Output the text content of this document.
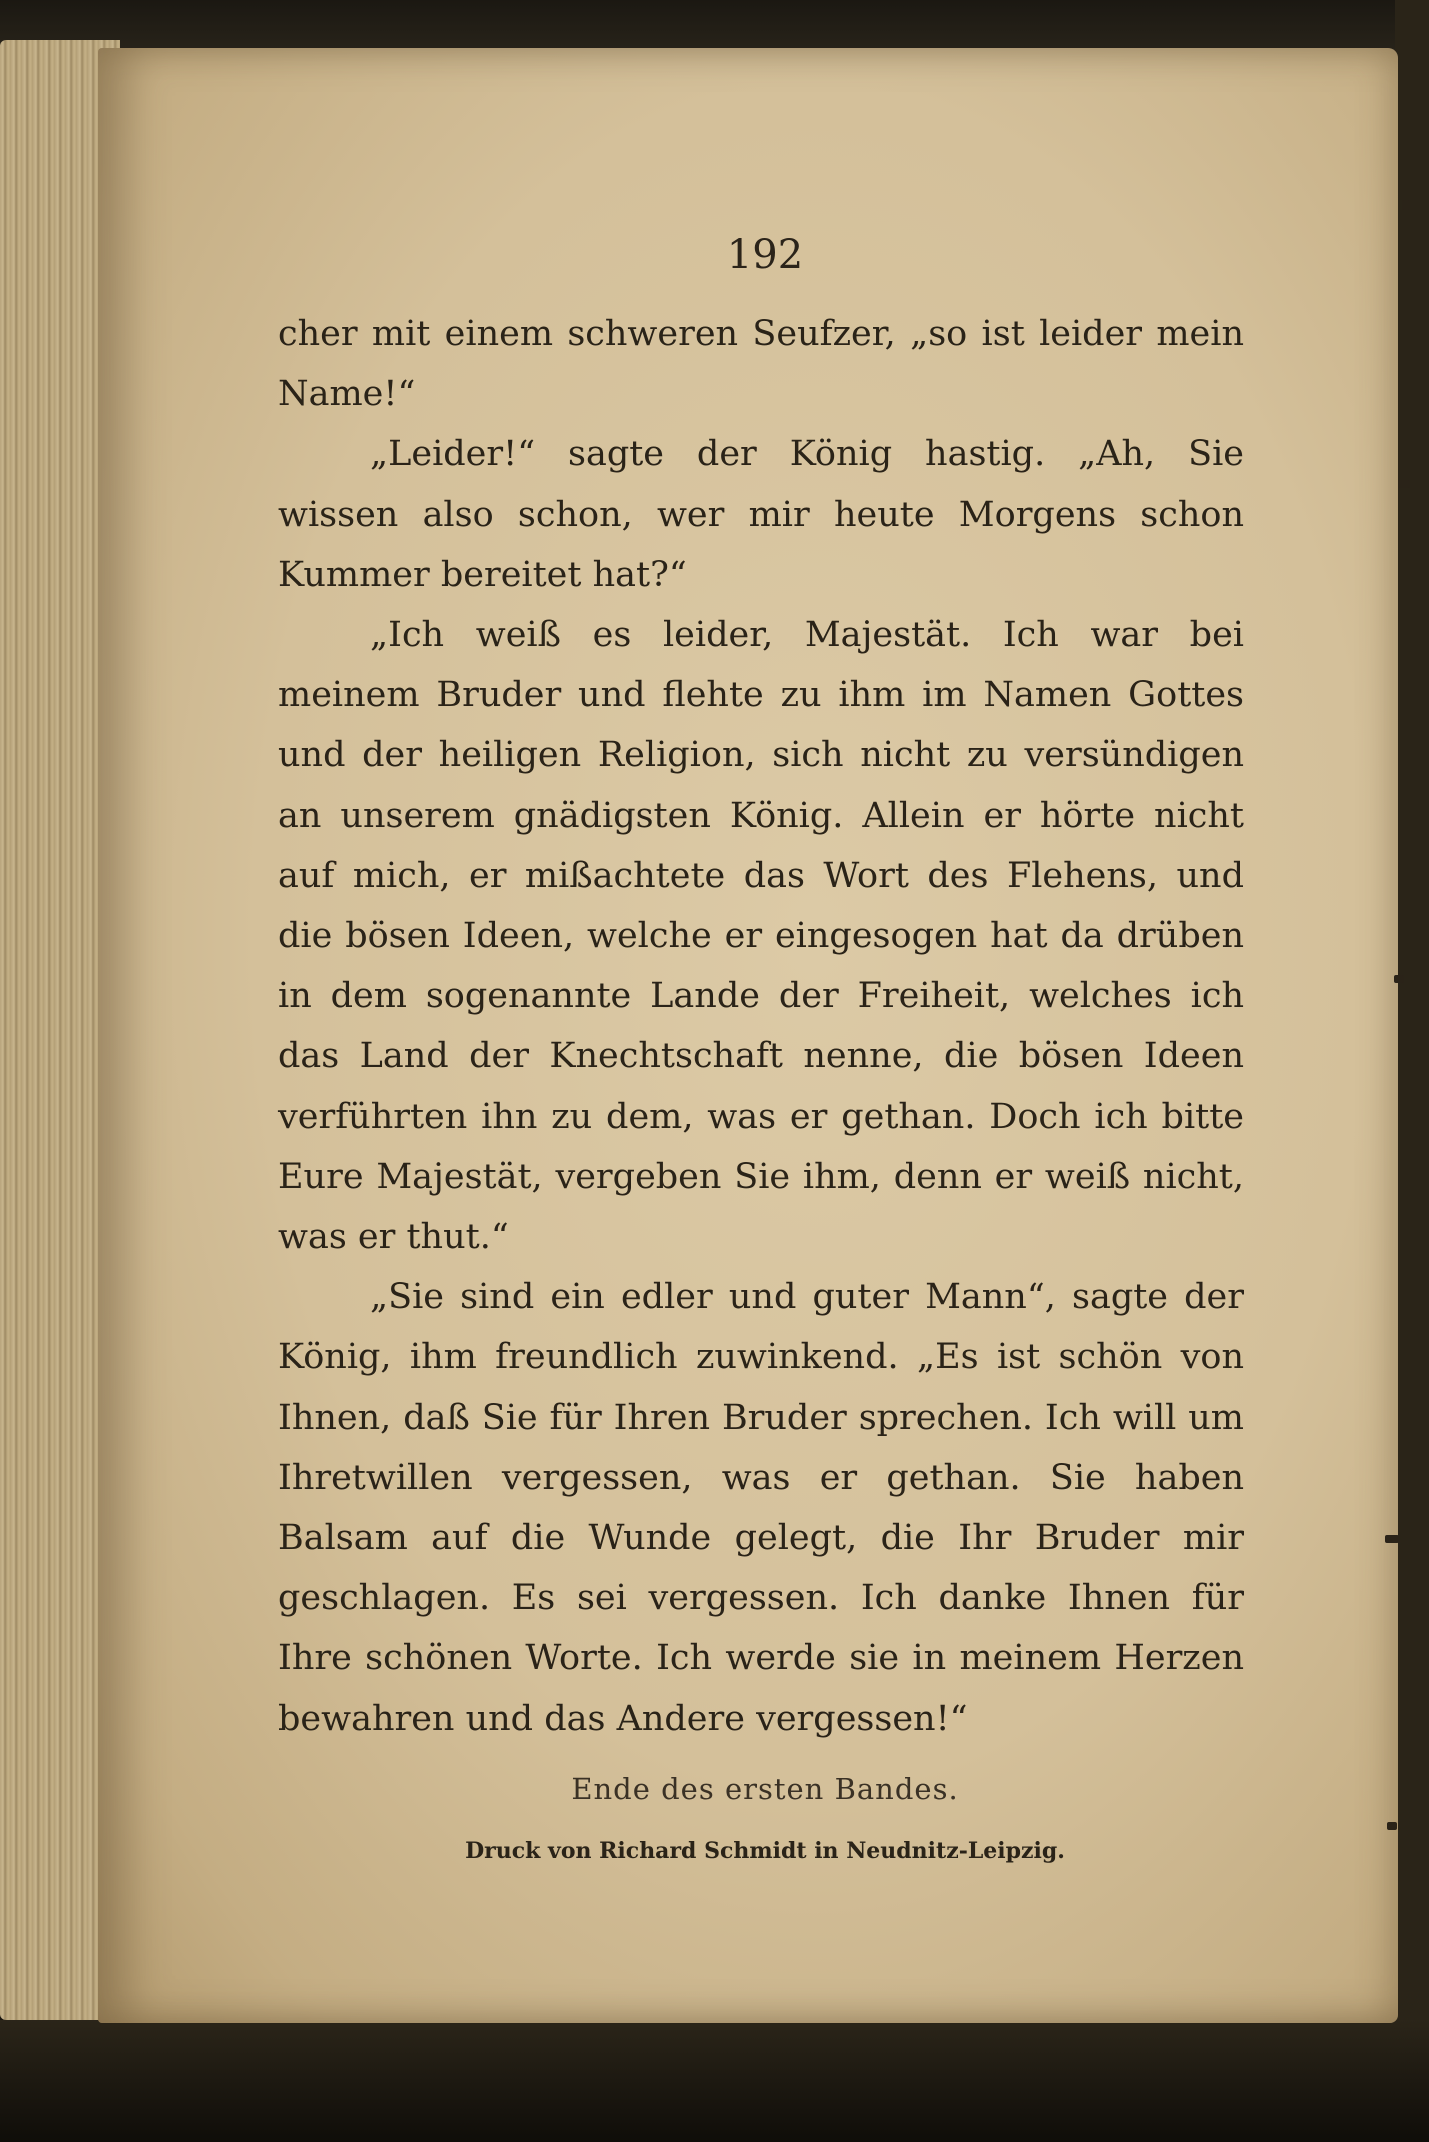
192

cher mit einem schweren Seufzer, „so ist leider mein Name!“

„Leider!“ sagte der König hastig. „Ah, Sie wissen also schon, wer mir heute Morgens schon Kummer bereitet hat?“

„Ich weiß es leider, Majestät. Ich war bei meinem Bruder und flehte zu ihm im Namen Gottes und der heiligen Religion, sich nicht zu versündigen an unserem gnädigsten König. Allein er hörte nicht auf mich, er mißachtete das Wort des Flehens, und die bösen Ideen, welche er eingesogen hat da drüben in dem sogenannte Lande der Freiheit, welches ich das Land der Knechtschaft nenne, die bösen Ideen verführten ihn zu dem, was er gethan. Doch ich bitte Eure Majestät, vergeben Sie ihm, denn er weiß nicht, was er thut.“

„Sie sind ein edler und guter Mann“, sagte der König, ihm freundlich zuwinkend. „Es ist schön von Ihnen, daß Sie für Ihren Bruder sprechen. Ich will um Ihretwillen vergessen, was er gethan. Sie haben Balsam auf die Wunde gelegt, die Ihr Bruder mir geschlagen. Es sei vergessen. Ich danke Ihnen für Ihre schönen Worte. Ich werde sie in meinem Herzen bewahren und das Andere vergessen!“

Ende des ersten Bandes.
Druck von Richard Schmidt in Neudnitz-Leipzig.
